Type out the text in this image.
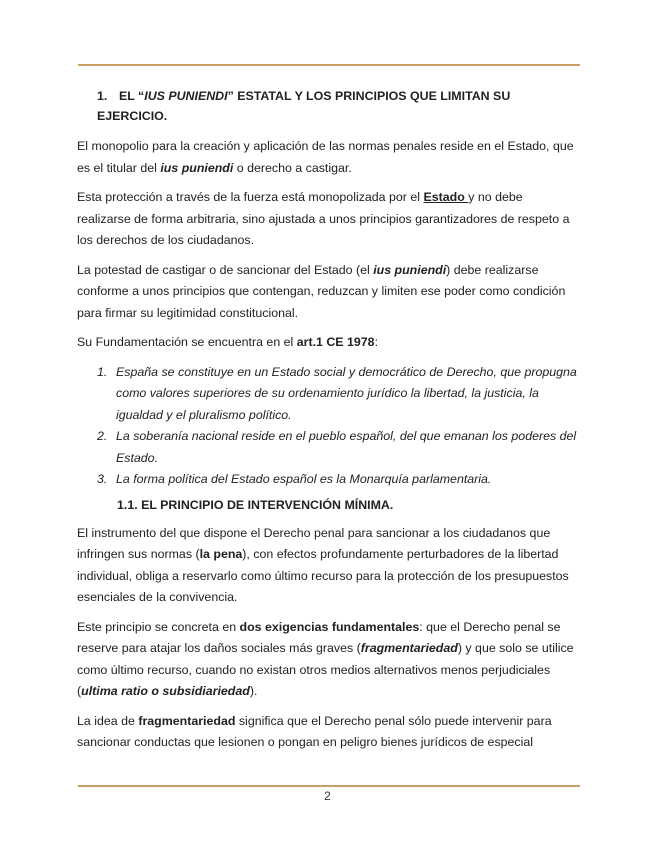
1. EL “IUS PUNIENDI” ESTATAL Y LOS PRINCIPIOS QUE LIMITAN SU EJERCICIO.

El monopolio para la creación y aplicación de las normas penales reside en el Estado, que es el titular del ius puniendi o derecho a castigar.

Esta protección a través de la fuerza está monopolizada por el Estado y no debe realizarse de forma arbitraria, sino ajustada a unos principios garantizadores de respeto a los derechos de los ciudadanos.

La potestad de castigar o de sancionar del Estado (el ius puniendi) debe realizarse conforme a unos principios que contengan, reduzcan y limiten ese poder como condición para firmar su legitimidad constitucional.

Su Fundamentación se encuentra en el art.1 CE 1978:

1. España se constituye en un Estado social y democrático de Derecho, que propugna como valores superiores de su ordenamiento jurídico la libertad, la justicia, la igualdad y el pluralismo político.
2. La soberanía nacional reside en el pueblo español, del que emanan los poderes del Estado.
3. La forma política del Estado español es la Monarquía parlamentaria.
1.1. EL PRINCIPIO DE INTERVENCIÓN MÍNIMA.

El instrumento del que dispone el Derecho penal para sancionar a los ciudadanos que infringen sus normas (la pena), con efectos profundamente perturbadores de la libertad individual, obliga a reservarlo como último recurso para la protección de los presupuestos esenciales de la convivencia.

Este principio se concreta en dos exigencias fundamentales: que el Derecho penal se reserve para atajar los daños sociales más graves (fragmentariedad) y que solo se utilice como último recurso, cuando no existan otros medios alternativos menos perjudiciales (ultima ratio o subsidiariedad).

La idea de fragmentariedad significa que el Derecho penal sólo puede intervenir para sancionar conductas que lesionen o pongan en peligro bienes jurídicos de especial

2
